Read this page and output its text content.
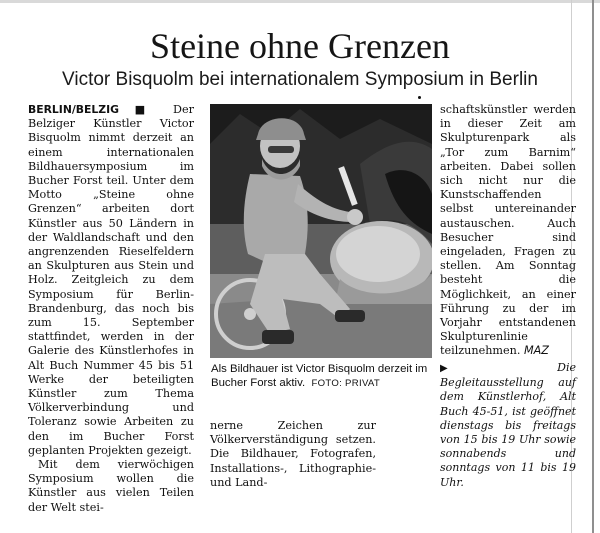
Steine ohne Grenzen
Victor Bisquolm bei internationalem Symposium in Berlin

BERLIN/BELZIG ■ Der Belziger Künstler Victor Bisquolm nimmt derzeit an einem internationalen Bildhauersymposium im Bucher Forst teil. Unter dem Motto „Steine ohne Grenzen“ arbeiten dort Künstler aus 50 Ländern in der Waldlandschaft und den angrenzenden Rieselfeldern an Skulpturen aus Stein und Holz. Zeitgleich zu dem Symposium für Berlin-Brandenburg, das noch bis zum 15. September stattfindet, werden in der Galerie des Künstlerhofes in Alt Buch Nummer 45 bis 51 Werke der beteiligten Künstler zum Thema Völkerverbindung und Toleranz sowie Arbeiten zu den im Bucher Forst geplanten Projekten gezeigt.

Mit dem vierwöchigen Symposium wollen die Künstler aus vielen Teilen der Welt stei-

Als Bildhauer ist Victor Bisquolm derzeit im Bucher Forst aktiv. FOTO: PRIVAT

nerne Zeichen zur Völkerverständigung setzen. Die Bildhauer, Fotografen, Installations-, Lithographie- und Land-

schaftskünstler werden in dieser Zeit am Skulpturenpark als „Tor zum Barnim“ arbeiten. Dabei sollen sich nicht nur die Kunstschaffenden selbst untereinander austauschen. Auch Besucher sind eingeladen, Fragen zu stellen. Am Sonntag besteht die Möglichkeit, an einer Führung zu der im Vorjahr entstandenen Skulpturenlinie teilzunehmen. MAZ

▶	Die Begleitausstellung auf dem Künstlerhof, Alt Buch 45-51, ist geöffnet dienstags bis freitags von 15 bis 19 Uhr sowie sonnabends und sonntags von 11 bis 19 Uhr.
